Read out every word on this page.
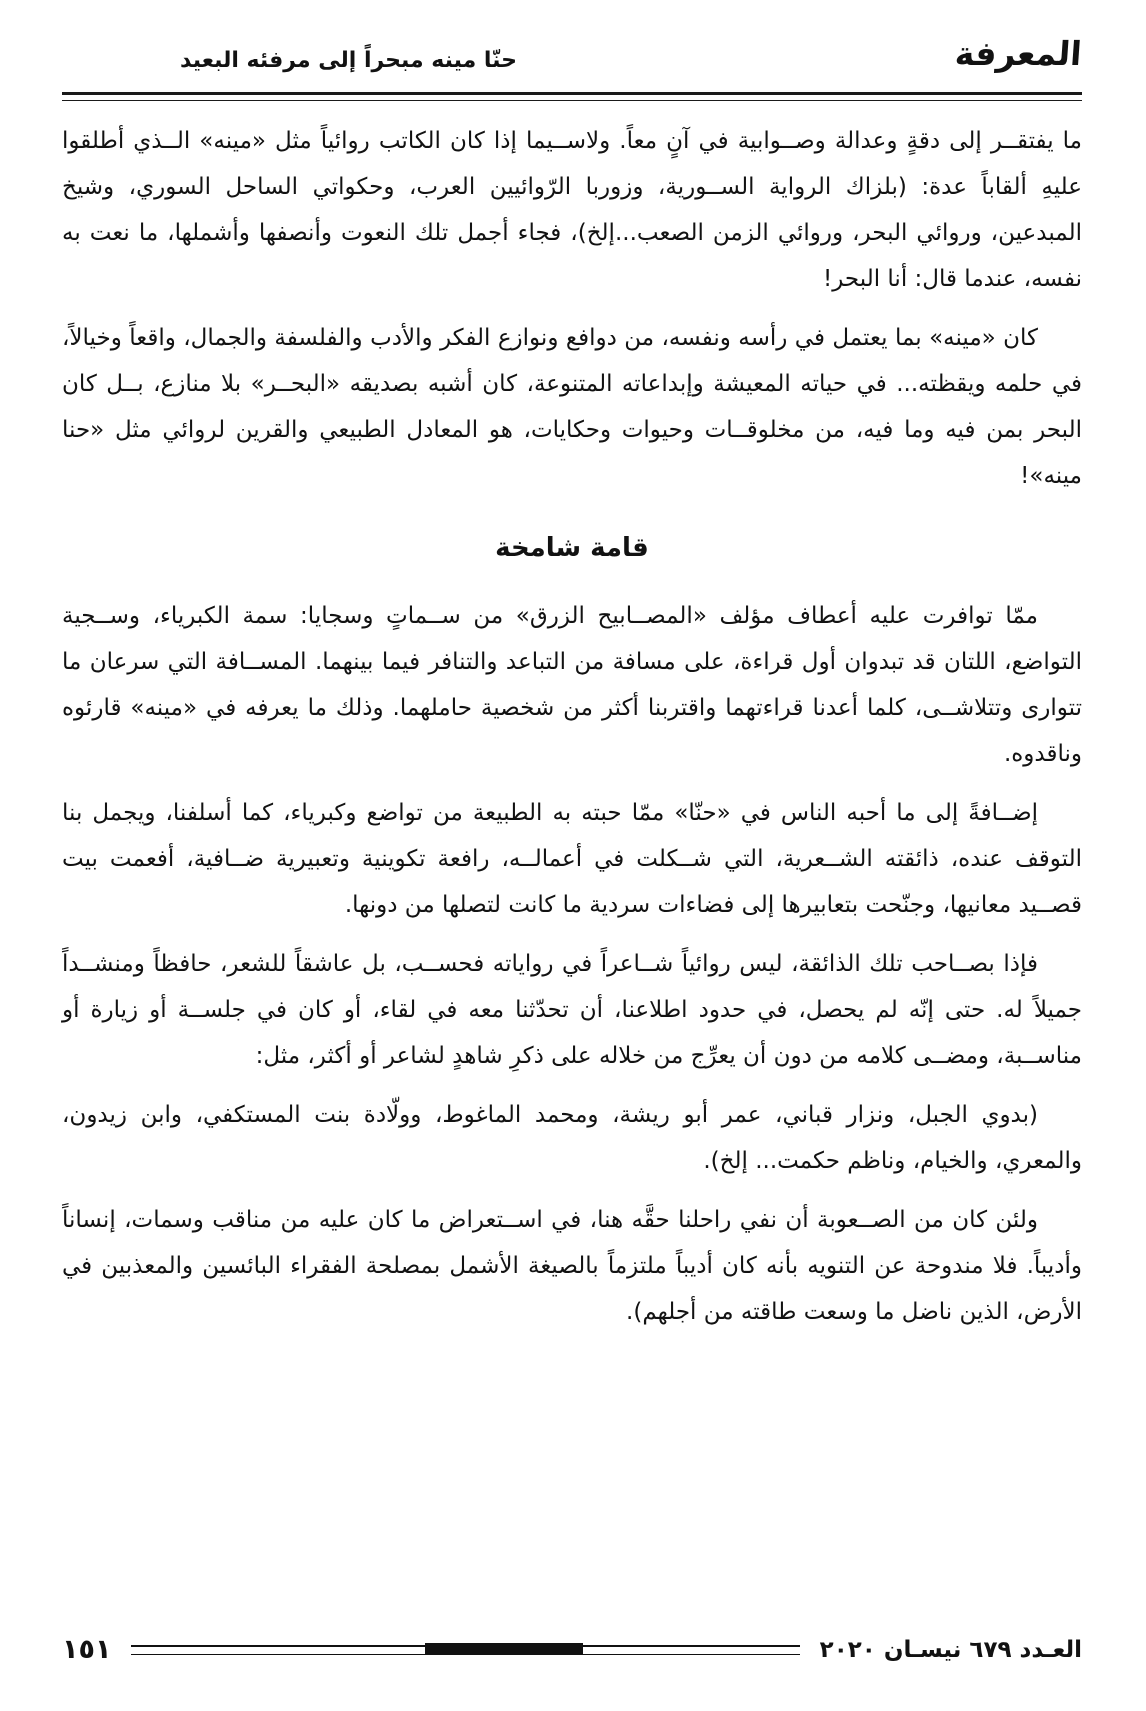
المعرفة
حنّا مينه مبحراً إلى مرفئه البعيد

ما يفتقــر إلى دقةٍ وعدالة وصــوابية في آنٍ معاً. ولاســيما إذا كان الكاتب روائياً مثل «مينه» الــذي أطلقوا عليهِ ألقاباً عدة: (بلزاك الرواية الســورية، وزوربا الرّوائيين العرب، وحكواتي الساحل السوري، وشيخ المبدعين، وروائي البحر، وروائي الزمن الصعب...إلخ)، فجاء أجمل تلك النعوت وأنصفها وأشملها، ما نعت به نفسه، عندما قال: أنا البحر!

كان «مينه» بما يعتمل في رأسه ونفسه، من دوافع ونوازع الفكر والأدب والفلسفة والجمال، واقعاً وخيالاً، في حلمه ويقظته... في حياته المعيشة وإبداعاته المتنوعة، كان أشبه بصديقه «البحــر» بلا منازع، بــل كان البحر بمن فيه وما فيه، من مخلوقــات وحيوات وحكايات، هو المعادل الطبيعي والقرين لروائي مثل «حنا مينه»!

قامة شامخة

ممّا توافرت عليه أعطاف مؤلف «المصــابيح الزرق» من ســماتٍ وسجايا: سمة الكبرياء، وســجية التواضع، اللتان قد تبدوان أول قراءة، على مسافة من التباعد والتنافر فيما بينهما. المســافة التي سرعان ما تتوارى وتتلاشــى، كلما أعدنا قراءتهما واقتربنا أكثر من شخصية حاملهما. وذلك ما يعرفه في «مينه» قارئوه وناقدوه.

إضــافةً إلى ما أحبه الناس في «حنّا» ممّا حبته به الطبيعة من تواضع وكبرياء، كما أسلفنا، ويجمل بنا التوقف عنده، ذائقته الشــعرية، التي شــكلت في أعمالــه، رافعة تكوينية وتعبيرية ضــافية، أفعمت بيت قصــيد معانيها، وجنّحت بتعابيرها إلى فضاءات سردية ما كانت لتصلها من دونها.

فإذا بصــاحب تلك الذائقة، ليس روائياً شــاعراً في رواياته فحســب، بل عاشقاً للشعر، حافظاً ومنشــداً جميلاً له. حتى إنّه لم يحصل، في حدود اطلاعنا، أن تحدّثنا معه في لقاء، أو كان في جلســة أو زيارة أو مناســبة، ومضــى كلامه من دون أن يعرِّج من خلاله على ذكرِ شاهدٍ لشاعر أو أكثر، مثل:

(بدوي الجبل، ونزار قباني، عمر أبو ريشة، ومحمد الماغوط، وولّادة بنت المستكفي، وابن زيدون، والمعري، والخيام، وناظم حكمت... إلخ).

ولئن كان من الصــعوبة أن نفي راحلنا حقَّه هنا، في اســتعراض ما كان عليه من مناقب وسمات، إنساناً وأديباً. فلا مندوحة عن التنويه بأنه كان أديباً ملتزماً بالصيغة الأشمل بمصلحة الفقراء البائسين والمعذبين في الأرض، الذين ناضل ما وسعت طاقته من أجلهم).

العـدد ٦٧٩ نيسـان ٢٠٢٠
١٥١
